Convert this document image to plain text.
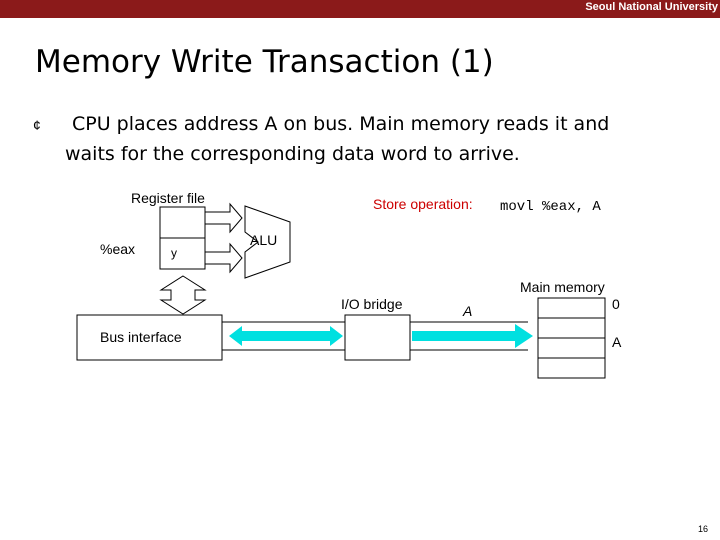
Seoul National University
Memory Write Transaction (1)
¢ CPU places address A on bus. Main memory reads it and
waits for the corresponding data word to arrive.
Register file
%eax	y
ALU
Store operation: movl %eax, A
I/O bridge	A
Main memory
0
A
Bus interface
16
